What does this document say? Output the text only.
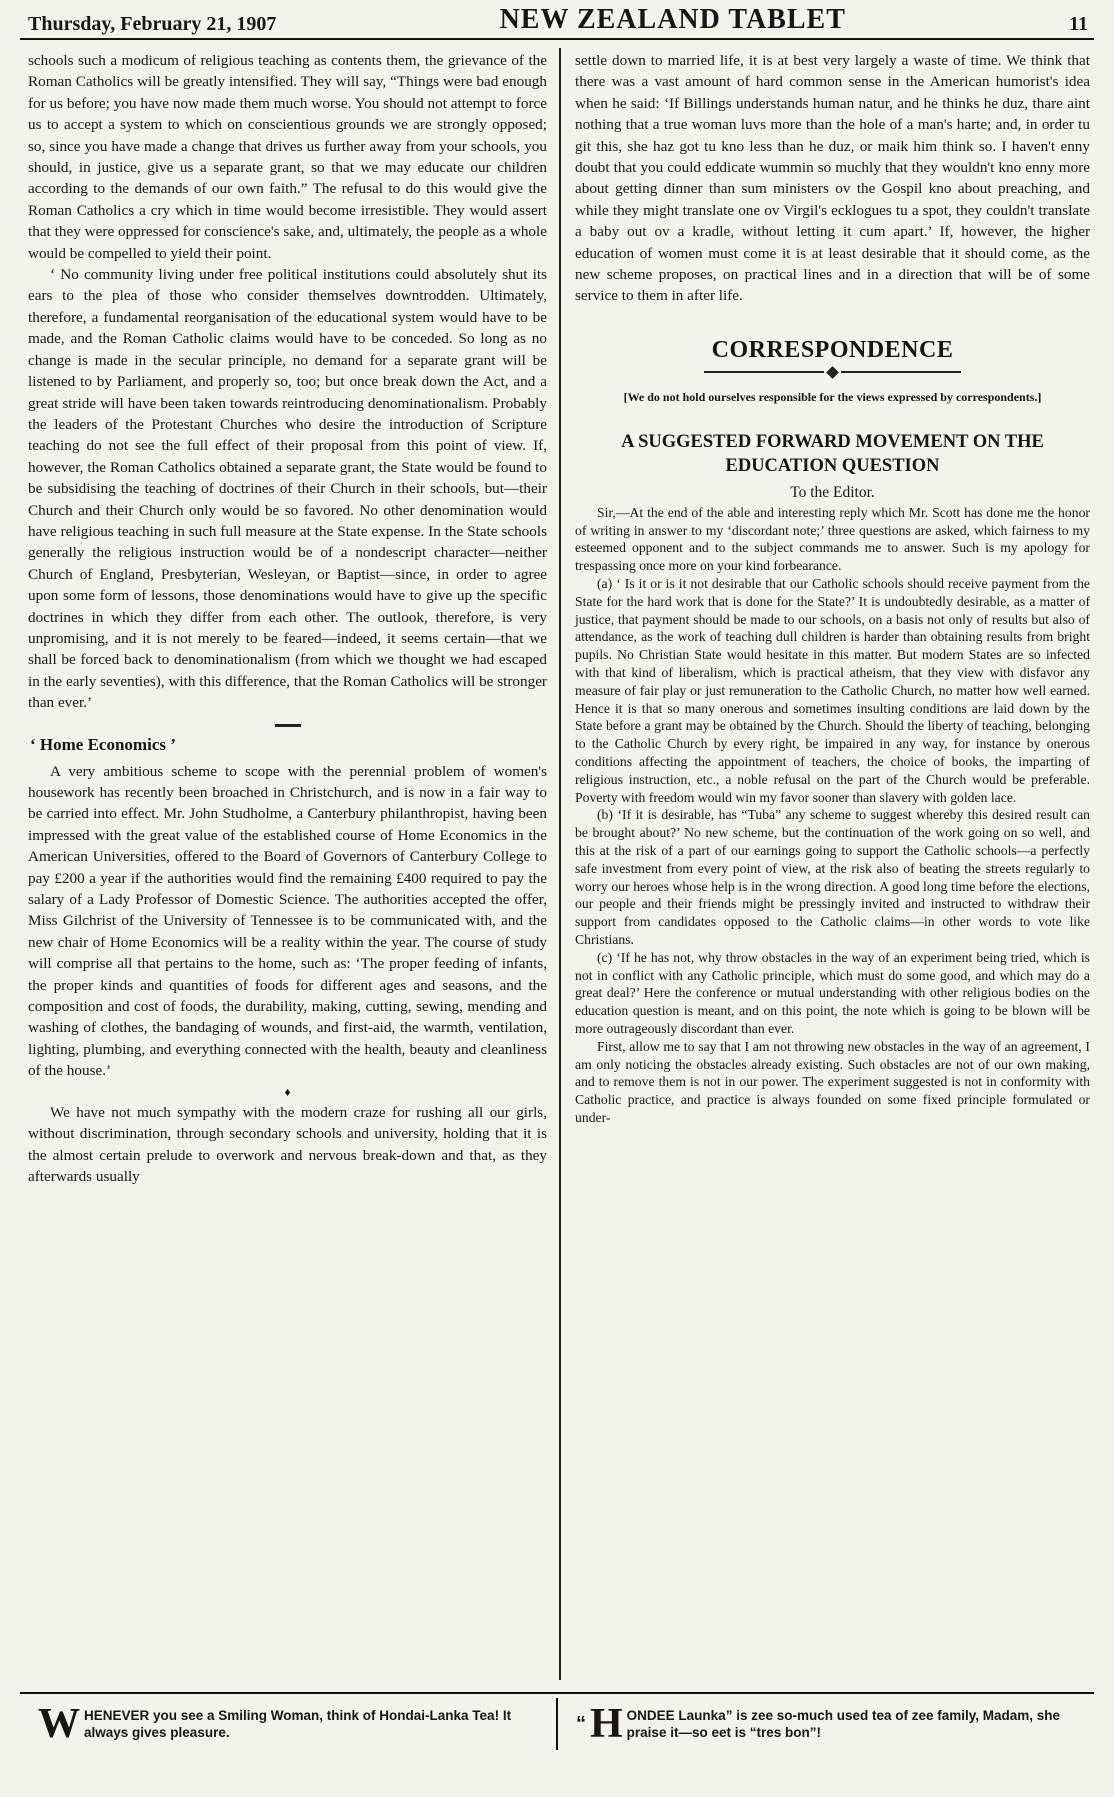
Thursday, February 21, 1907	NEW ZEALAND TABLET	11

schools such a modicum of religious teaching as contents them, the grievance of the Roman Catholics will be greatly intensified. They will say, “Things were bad enough for us before; you have now made them much worse. You should not attempt to force us to accept a system to which on conscientious grounds we are strongly opposed; so, since you have made a change that drives us further away from your schools, you should, in justice, give us a separate grant, so that we may educate our children according to the demands of our own faith.” The refusal to do this would give the Roman Catholics a cry which in time would become irresistible. They would assert that they were oppressed for conscience's sake, and, ultimately, the people as a whole would be compelled to yield their point.

‘ No community living under free political institutions could absolutely shut its ears to the plea of those who consider themselves downtrodden. Ultimately, therefore, a fundamental reorganisation of the educational system would have to be made, and the Roman Catholic claims would have to be conceded. So long as no change is made in the secular principle, no demand for a separate grant will be listened to by Parliament, and properly so, too; but once break down the Act, and a great stride will have been taken towards reintroducing denominationalism. Probably the leaders of the Protestant Churches who desire the introduction of Scripture teaching do not see the full effect of their proposal from this point of view. If, however, the Roman Catholics obtained a separate grant, the State would be found to be subsidising the teaching of doctrines of their Church in their schools, but—their Church and their Church only would be so favored. No other denomination would have religious teaching in such full measure at the State expense. In the State schools generally the religious instruction would be of a nondescript character—neither Church of England, Presbyterian, Wesleyan, or Baptist—since, in order to agree upon some form of lessons, those denominations would have to give up the specific doctrines in which they differ from each other. The outlook, therefore, is very unpromising, and it is not merely to be feared—indeed, it seems certain—that we shall be forced back to denominationalism (from which we thought we had escaped in the early seventies), with this difference, that the Roman Catholics will be stronger than ever.’

‘ Home Economics ’

A very ambitious scheme to scope with the perennial problem of women's housework has recently been broached in Christchurch, and is now in a fair way to be carried into effect. Mr. John Studholme, a Canterbury philanthropist, having been impressed with the great value of the established course of Home Economics in the American Universities, offered to the Board of Governors of Canterbury College to pay £200 a year if the authorities would find the remaining £400 required to pay the salary of a Lady Professor of Domestic Science. The authorities accepted the offer, Miss Gilchrist of the University of Tennessee is to be communicated with, and the new chair of Home Economics will be a reality within the year. The course of study will comprise all that pertains to the home, such as: ‘The proper feeding of infants, the proper kinds and quantities of foods for different ages and seasons, and the composition and cost of foods, the durability, making, cutting, sewing, mending and washing of clothes, the bandaging of wounds, and first-aid, the warmth, ventilation, lighting, plumbing, and everything connected with the health, beauty and cleanliness of the house.’

♦

We have not much sympathy with the modern craze for rushing all our girls, without discrimination, through secondary schools and university, holding that it is the almost certain prelude to overwork and nervous break-down and that, as they afterwards usually

settle down to married life, it is at best very largely a waste of time. We think that there was a vast amount of hard common sense in the American humorist's idea when he said: ‘If Billings understands human natur, and he thinks he duz, thare aint nothing that a true woman luvs more than the hole of a man's harte; and, in order tu git this, she haz got tu kno less than he duz, or maik him think so. I haven't enny doubt that you could eddicate wummin so muchly that they wouldn't kno enny more about getting dinner than sum ministers ov the Gospil kno about preaching, and while they might translate one ov Virgil's ecklogues tu a spot, they couldn't translate a baby out ov a kradle, without letting it cum apart.’ If, however, the higher education of women must come it is at least desirable that it should come, as the new scheme proposes, on practical lines and in a direction that will be of some service to them in after life.

CORRESPONDENCE
[We do not hold ourselves responsible for the views expressed by correspondents.]
A SUGGESTED FORWARD MOVEMENT ON THE EDUCATION QUESTION
To the Editor.

Sir,—At the end of the able and interesting reply which Mr. Scott has done me the honor of writing in answer to my ‘discordant note;’ three questions are asked, which fairness to my esteemed opponent and to the subject commands me to answer. Such is my apology for trespassing once more on your kind forbearance.

(a) ‘ Is it or is it not desirable that our Catholic schools should receive payment from the State for the hard work that is done for the State?’ It is undoubtedly desirable, as a matter of justice, that payment should be made to our schools, on a basis not only of results but also of attendance, as the work of teaching dull children is harder than obtaining results from bright pupils. No Christian State would hesitate in this matter. But modern States are so infected with that kind of liberalism, which is practical atheism, that they view with disfavor any measure of fair play or just remuneration to the Catholic Church, no matter how well earned. Hence it is that so many onerous and sometimes insulting conditions are laid down by the State before a grant may be obtained by the Church. Should the liberty of teaching, belonging to the Catholic Church by every right, be impaired in any way, for instance by onerous conditions affecting the appointment of teachers, the choice of books, the imparting of religious instruction, etc., a noble refusal on the part of the Church would be preferable. Poverty with freedom would win my favor sooner than slavery with golden lace.

(b) ‘If it is desirable, has “Tuba” any scheme to suggest whereby this desired result can be brought about?’ No new scheme, but the continuation of the work going on so well, and this at the risk of a part of our earnings going to support the Catholic schools—a perfectly safe investment from every point of view, at the risk also of beating the streets regularly to worry our heroes whose help is in the wrong direction. A good long time before the elections, our people and their friends might be pressingly invited and instructed to withdraw their support from candidates opposed to the Catholic claims—in other words to vote like Christians.

(c) ‘If he has not, why throw obstacles in the way of an experiment being tried, which is not in conflict with any Catholic principle, which must do some good, and which may do a great deal?’ Here the conference or mutual understanding with other religious bodies on the education question is meant, and on this point, the note which is going to be blown will be more outrageously discordant than ever.

First, allow me to say that I am not throwing new obstacles in the way of an agreement, I am only noticing the obstacles already existing. Such obstacles are not of our own making, and to remove them is not in our power. The experiment suggested is not in conformity with Catholic practice, and practice is always founded on some fixed principle formulated or under-

W HENEVER you see a Smiling Woman, think of Hondai-Lanka Tea! It always gives pleasure.	“ H ONDEE Launka” is zee so-much used tea of zee family, Madam, she praise it—so eet is “tres bon”!
